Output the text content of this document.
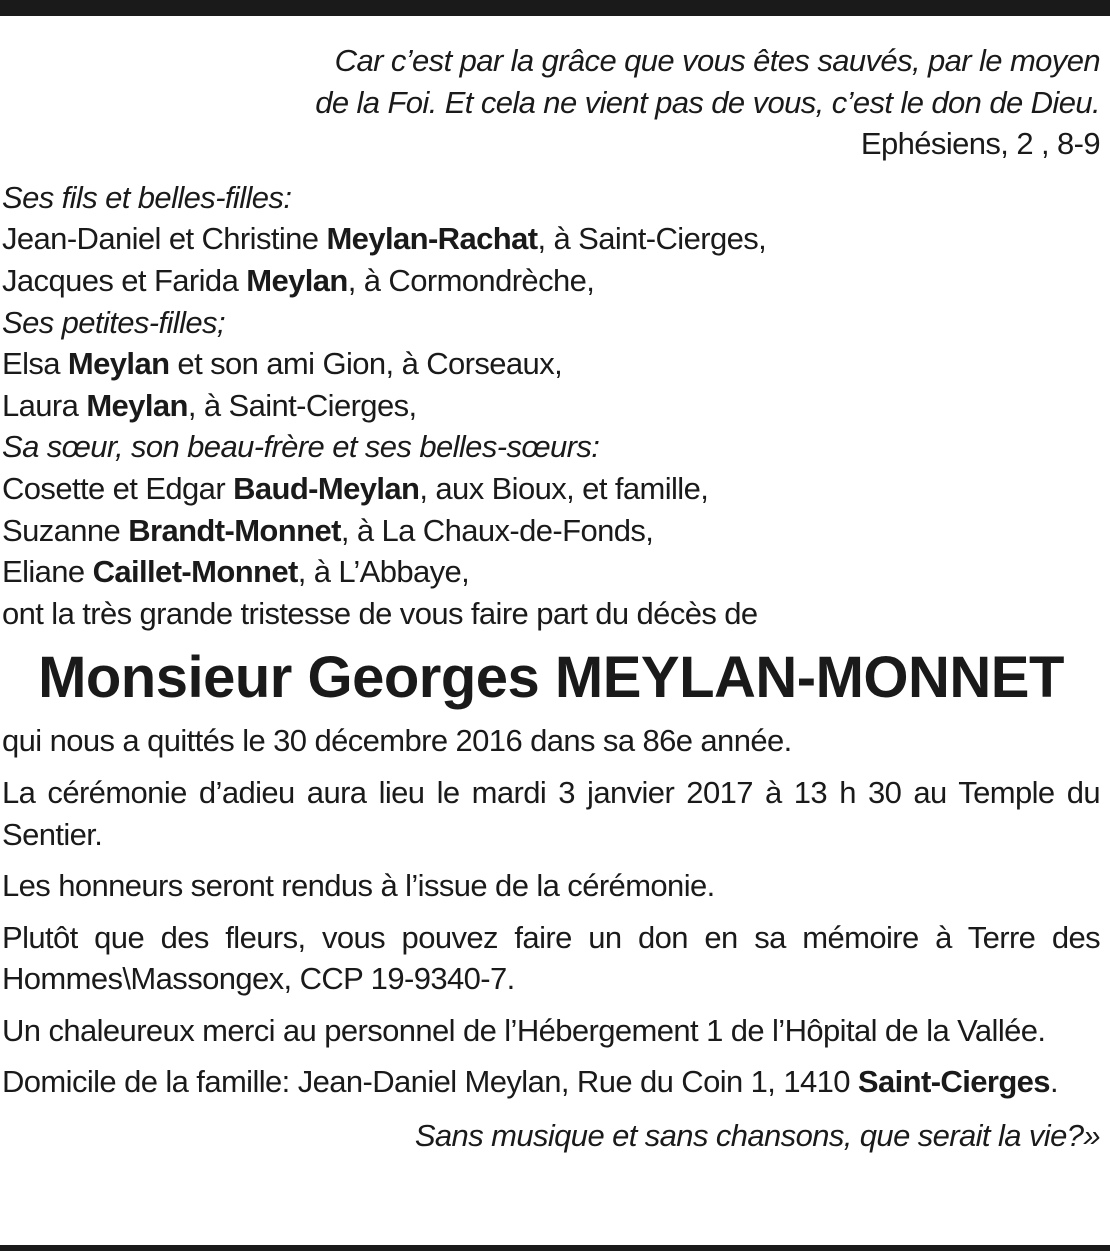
Car c’est par la grâce que vous êtes sauvés, par le moyen
de la Foi. Et cela ne vient pas de vous, c’est le don de Dieu.
Ephésiens, 2 , 8-9
Ses fils et belles-filles:
Jean-Daniel et Christine Meylan-Rachat, à Saint-Cierges,
Jacques et Farida Meylan, à Cormondrèche,
Ses petites-filles;
Elsa Meylan et son ami Gion, à Corseaux,
Laura Meylan, à Saint-Cierges,
Sa sœur, son beau-frère et ses belles-sœurs:
Cosette et Edgar Baud-Meylan, aux Bioux, et famille,
Suzanne Brandt-Monnet, à La Chaux-de-Fonds,
Eliane Caillet-Monnet, à L’Abbaye,
ont la très grande tristesse de vous faire part du décès de
Monsieur Georges MEYLAN-MONNET
qui nous a quittés le 30 décembre 2016 dans sa 86e année.
La cérémonie d’adieu aura lieu le mardi 3 janvier 2017 à 13 h 30 au Temple du Sentier.
Les honneurs seront rendus à l’issue de la cérémonie.
Plutôt que des fleurs, vous pouvez faire un don en sa mémoire à Terre des Hommes\Massongex, CCP 19-9340-7.
Un chaleureux merci au personnel de l’Hébergement 1 de l’Hôpital de la Vallée.
Domicile de la famille: Jean-Daniel Meylan, Rue du Coin 1, 1410 Saint-Cierges.
Sans musique et sans chansons, que serait la vie?»
